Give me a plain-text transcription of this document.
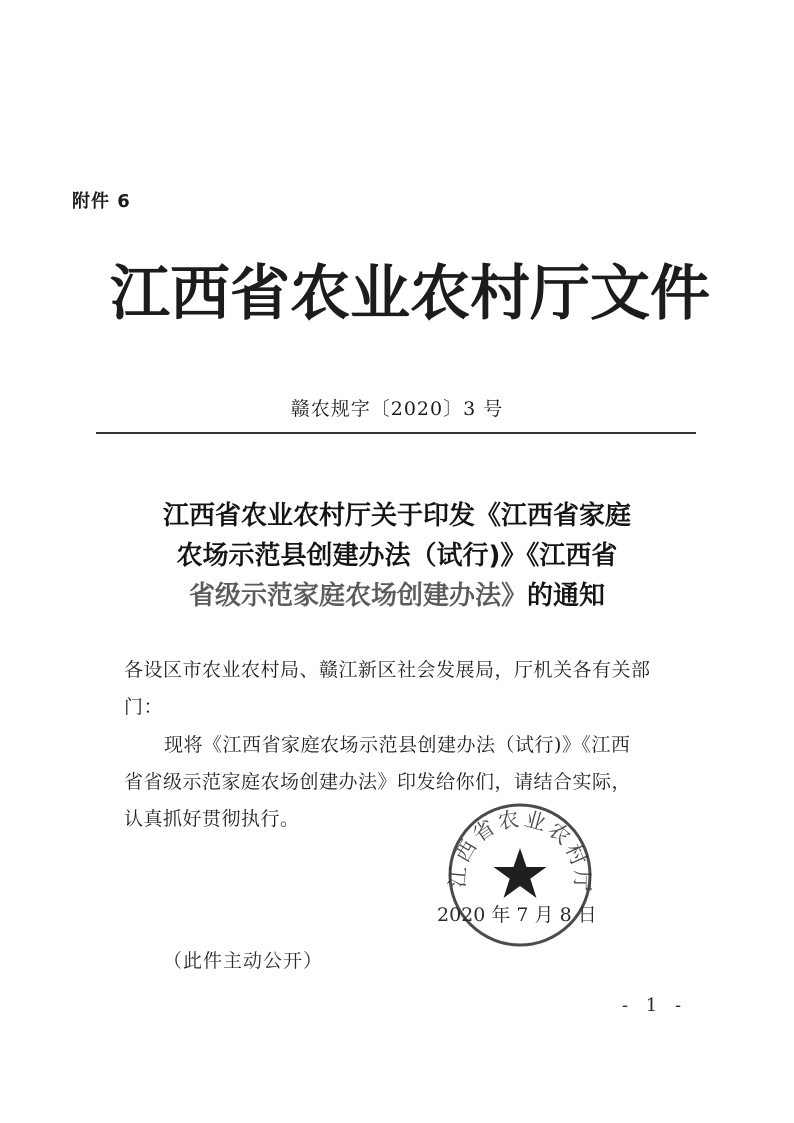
附件 6
江 西 省 农 业 农 村 厅 文 件
赣农规字〔2020〕3 号
江西省农业农村厅关于印发《江西省家庭
农场示范县创建办法（试行)》《江西省
省级示范家庭农场创建办法》的通知
各设区市农业农村局、赣江新区社会发展局，厅机关各有关部门：
现将《江西省家庭农场示范县创建办法（试行)》《江西
省省级示范家庭农场创建办法》印发给你们，请结合实际，
认真抓好贯彻执行。
江西省农业农村厅
2020 年 7 月 8 日
（此件主动公开）
- 1 -
